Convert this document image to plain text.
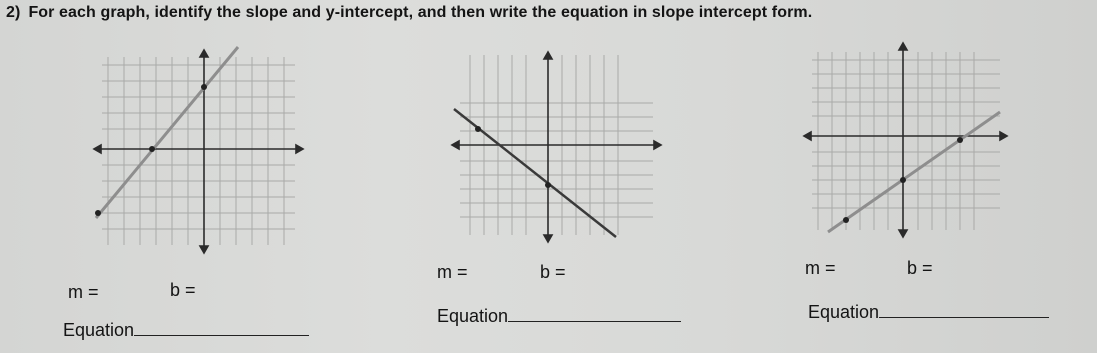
2) For each graph, identify the slope and y-intercept, and then write the equation in slope intercept form.
m =	b =
Equation
m =	b =
Equation
m =	b =
Equation
